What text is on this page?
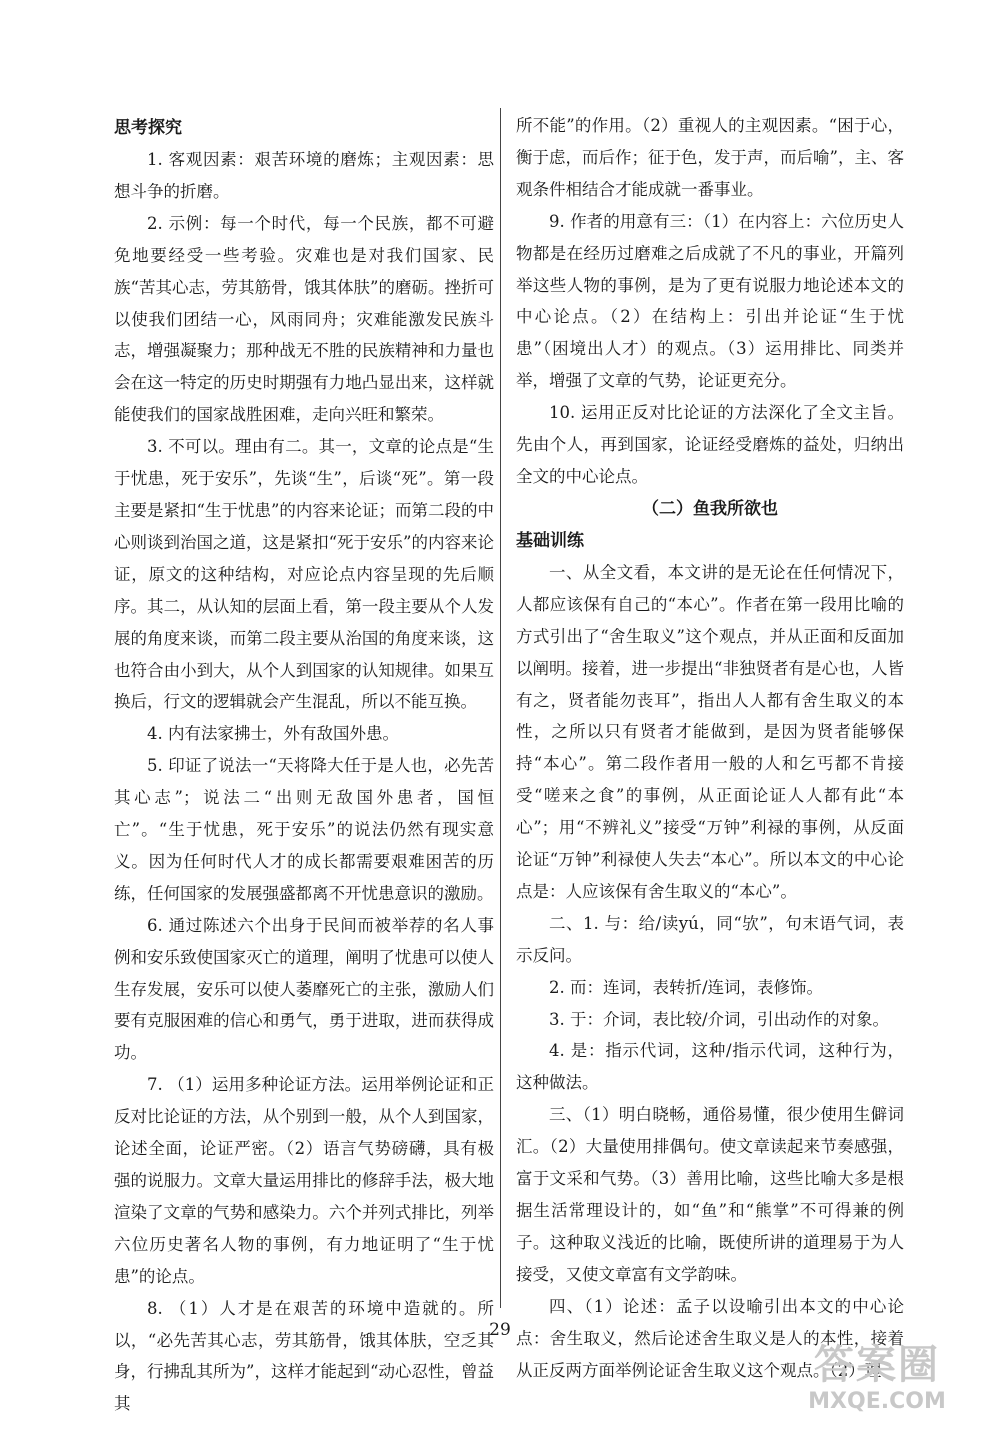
思考探究

1. 客观因素：艰苦环境的磨炼；主观因素：思想斗争的折磨。

2. 示例：每一个时代，每一个民族，都不可避免地要经受一些考验。灾难也是对我们国家、民族“苦其心志，劳其筋骨，饿其体肤”的磨砺。挫折可以使我们团结一心，风雨同舟；灾难能激发民族斗志，增强凝聚力；那种战无不胜的民族精神和力量也会在这一特定的历史时期强有力地凸显出来，这样就能使我们的国家战胜困难，走向兴旺和繁荣。

3. 不可以。理由有二。其一，文章的论点是“生于忧患，死于安乐”，先谈“生”，后谈“死”。第一段主要是紧扣“生于忧患”的内容来论证；而第二段的中心则谈到治国之道，这是紧扣“死于安乐”的内容来论证，原文的这种结构，对应论点内容呈现的先后顺序。其二，从认知的层面上看，第一段主要从个人发展的角度来谈，而第二段主要从治国的角度来谈，这也符合由小到大，从个人到国家的认知规律。如果互换后，行文的逻辑就会产生混乱，所以不能互换。

4. 内有法家拂士，外有敌国外患。

5. 印证了说法一“天将降大任于是人也，必先苦其心志”；说法二“出则无敌国外患者，国恒亡”。“生于忧患，死于安乐”的说法仍然有现实意义。因为任何时代人才的成长都需要艰难困苦的历练，任何国家的发展强盛都离不开忧患意识的激励。

6. 通过陈述六个出身于民间而被举荐的名人事例和安乐致使国家灭亡的道理，阐明了忧患可以使人生存发展，安乐可以使人萎靡死亡的主张，激励人们要有克服困难的信心和勇气，勇于进取，进而获得成功。

7. （1）运用多种论证方法。运用举例论证和正反对比论证的方法，从个别到一般，从个人到国家，论述全面，论证严密。（2）语言气势磅礴，具有极强的说服力。文章大量运用排比的修辞手法，极大地渲染了文章的气势和感染力。六个并列式排比，列举六位历史著名人物的事例，有力地证明了“生于忧患”的论点。

8. （1）人才是在艰苦的环境中造就的。所以，“必先苦其心志，劳其筋骨，饿其体肤，空乏其身，行拂乱其所为”，这样才能起到“动心忍性，曾益其

所不能”的作用。（2）重视人的主观因素。“困于心，衡于虑，而后作；征于色，发于声，而后喻”，主、客观条件相结合才能成就一番事业。

9. 作者的用意有三：（1）在内容上：六位历史人物都是在经历过磨难之后成就了不凡的事业，开篇列举这些人物的事例，是为了更有说服力地论述本文的中心论点。（2）在结构上：引出并论证“生于忧患”（困境出人才）的观点。（3）运用排比、同类并举，增强了文章的气势，论证更充分。

10. 运用正反对比论证的方法深化了全文主旨。先由个人，再到国家，论证经受磨炼的益处，归纳出全文的中心论点。

（二）鱼我所欲也
基础训练

一、从全文看，本文讲的是无论在任何情况下，人都应该保有自己的“本心”。作者在第一段用比喻的方式引出了“舍生取义”这个观点，并从正面和反面加以阐明。接着，进一步提出“非独贤者有是心也，人皆有之，贤者能勿丧耳”，指出人人都有舍生取义的本性，之所以只有贤者才能做到，是因为贤者能够保持“本心”。第二段作者用一般的人和乞丐都不肯接受“嗟来之食”的事例，从正面论证人人都有此“本心”；用“不辨礼义”接受“万钟”利禄的事例，从反面论证“万钟”利禄使人失去“本心”。所以本文的中心论点是：人应该保有舍生取义的“本心”。

二、1. 与：给/读yú，同“欤”，句末语气词，表示反问。

2. 而：连词，表转折/连词，表修饰。

3. 于：介词，表比较/介词，引出动作的对象。

4. 是：指示代词，这种/指示代词，这种行为，这种做法。

三、（1）明白晓畅，通俗易懂，很少使用生僻词汇。（2）大量使用排偶句。使文章读起来节奏感强，富于文采和气势。（3）善用比喻，这些比喻大多是根据生活常理设计的，如“鱼”和“熊掌”不可得兼的例子。这种取义浅近的比喻，既使所讲的道理易于为人接受，又使文章富有文学韵味。

四、（1）论述：孟子以设喻引出本文的中心论点：舍生取义，然后论述舍生取义是人的本性，接着从正反两方面举例论证舍生取义这个观点。（2）理

29
答案圈
MXQE.COM
